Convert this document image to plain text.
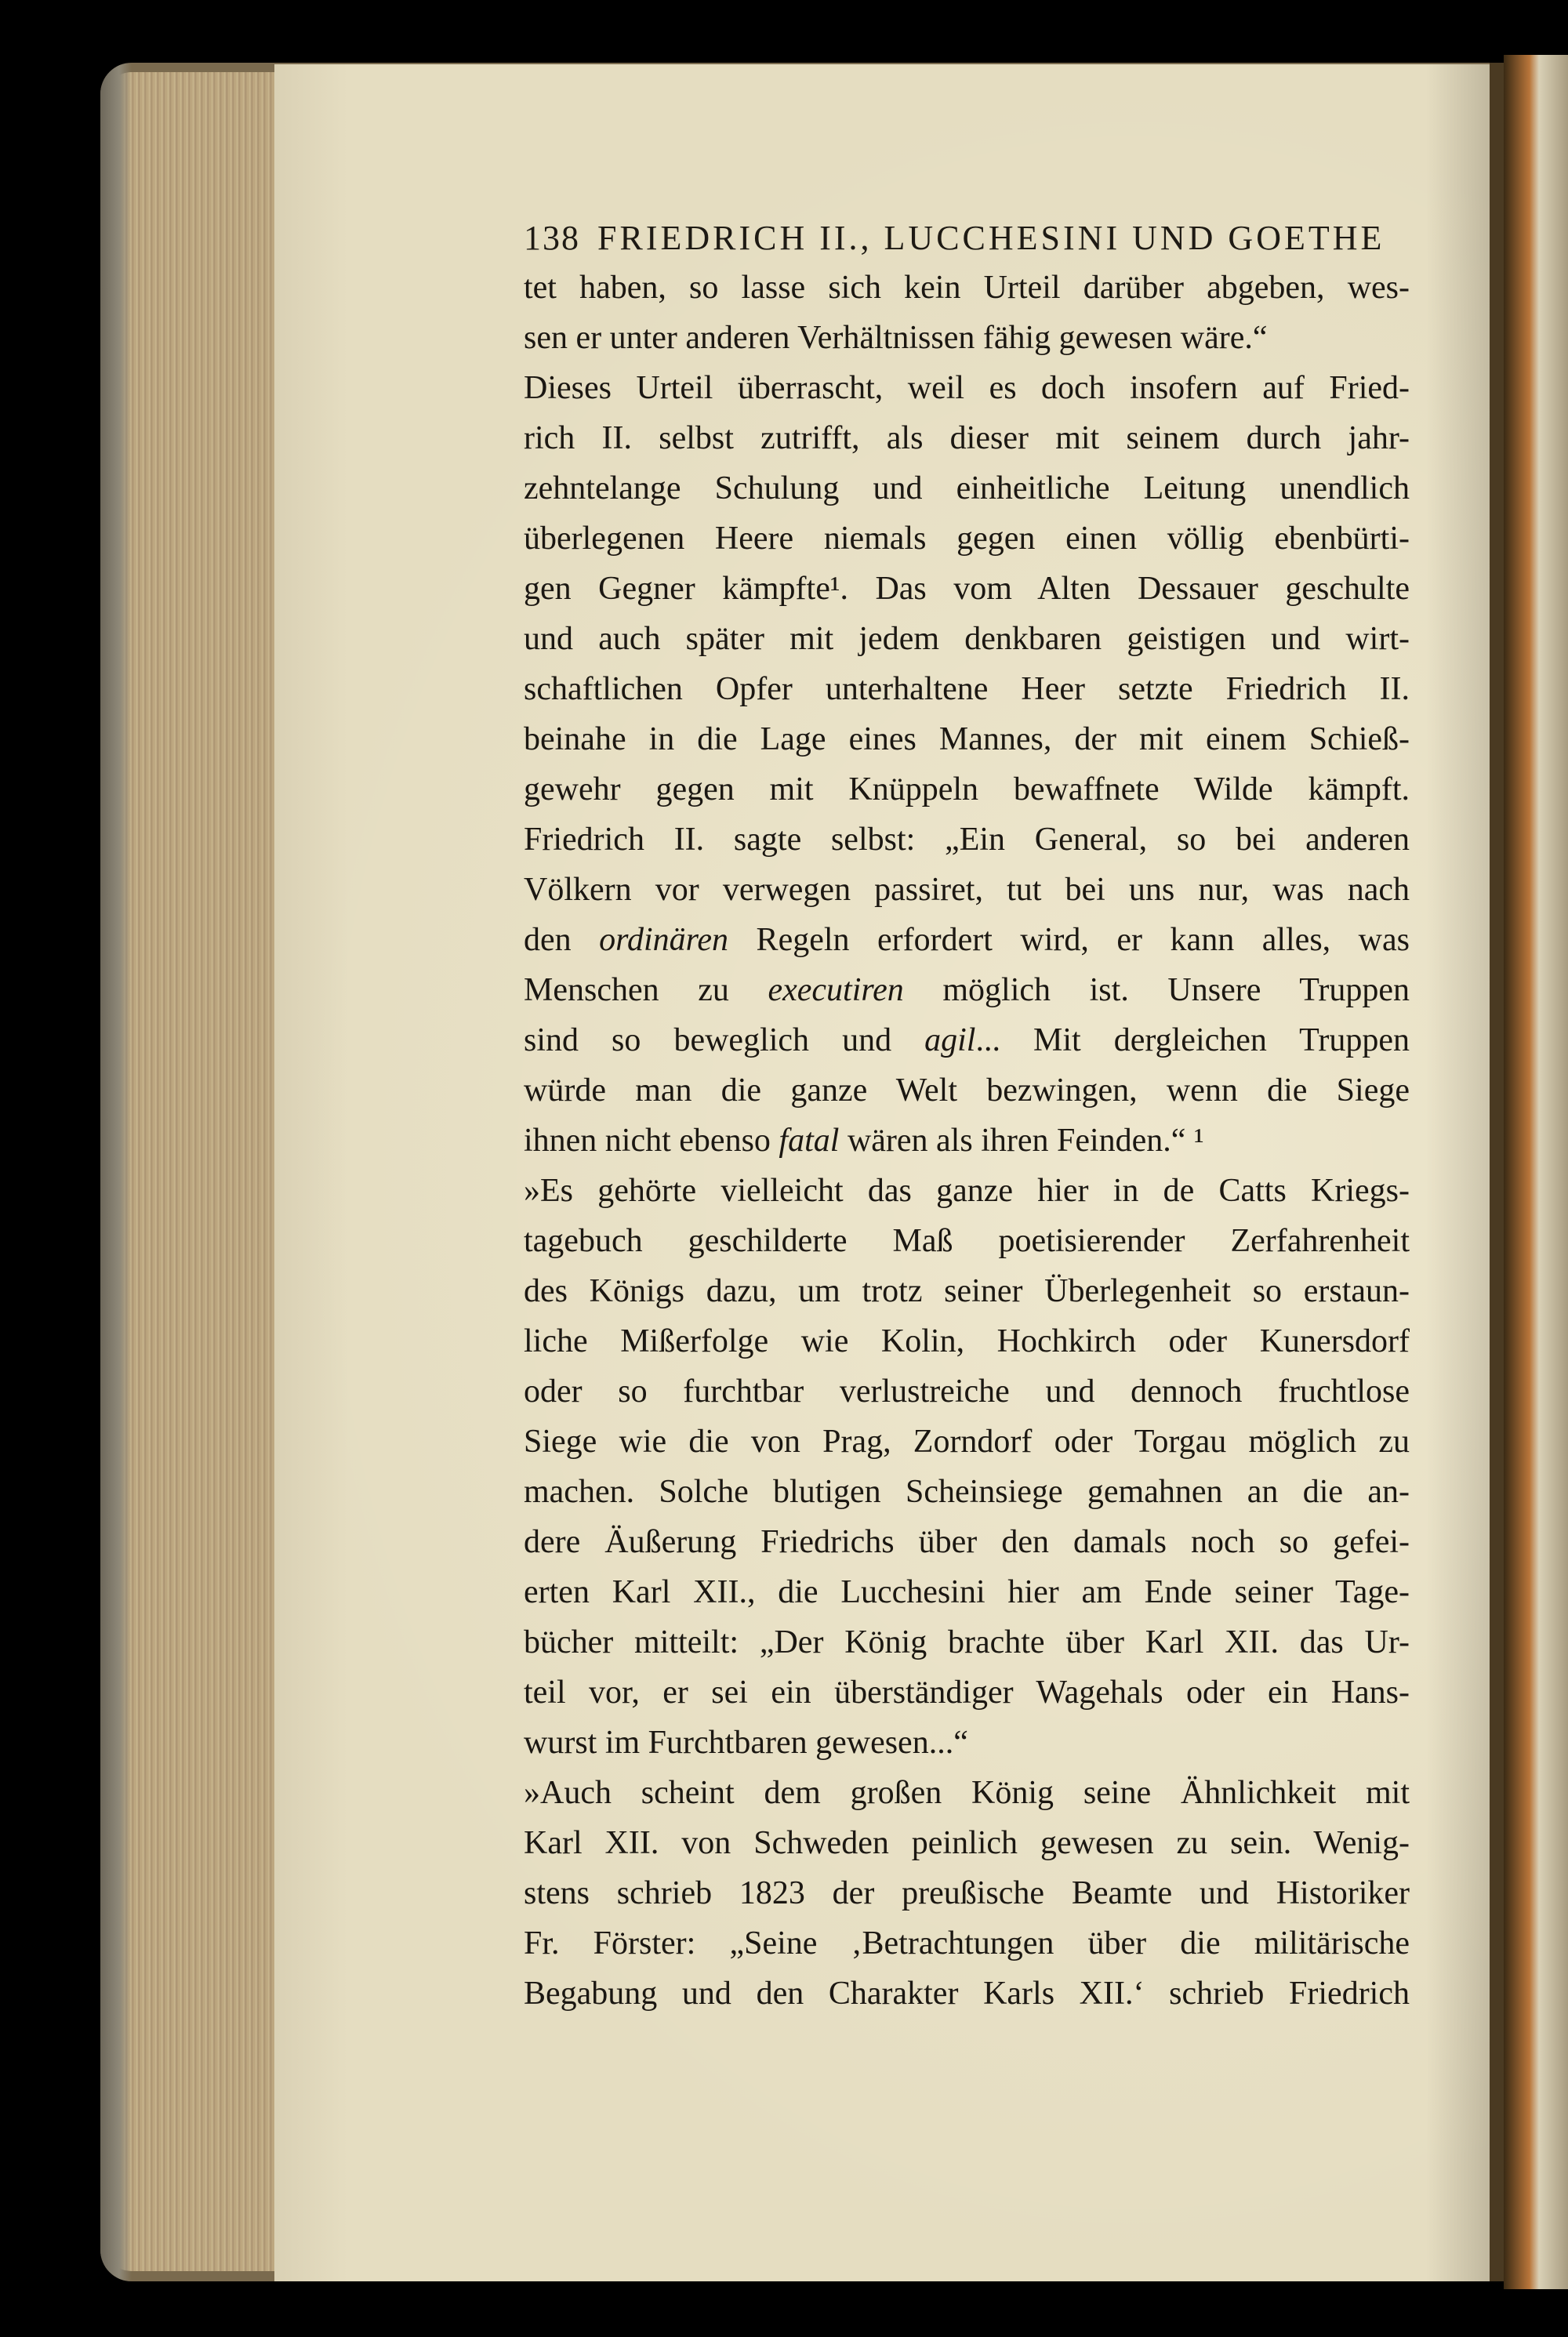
138 FRIEDRICH II., LUCCHESINI UND GOETHE
tet haben, so lasse sich kein Urteil darüber abgeben, wes-
sen er unter anderen Verhältnissen fähig gewesen wäre.“
Dieses Urteil überrascht, weil es doch insofern auf Fried-
rich II. selbst zutrifft, als dieser mit seinem durch jahr-
zehntelange Schulung und einheitliche Leitung unendlich
überlegenen Heere niemals gegen einen völlig ebenbürti-
gen Gegner kämpfte¹. Das vom Alten Dessauer geschulte
und auch später mit jedem denkbaren geistigen und wirt-
schaftlichen Opfer unterhaltene Heer setzte Friedrich II.
beinahe in die Lage eines Mannes, der mit einem Schieß-
gewehr gegen mit Knüppeln bewaffnete Wilde kämpft.
Friedrich II. sagte selbst: „Ein General, so bei anderen
Völkern vor verwegen passiret, tut bei uns nur, was nach
den ordinären Regeln erfordert wird, er kann alles, was
Menschen zu executiren möglich ist. Unsere Truppen
sind so beweglich und agil... Mit dergleichen Truppen
würde man die ganze Welt bezwingen, wenn die Siege
ihnen nicht ebenso fatal wären als ihren Feinden.“ ¹
»Es gehörte vielleicht das ganze hier in de Catts Kriegs-
tagebuch geschilderte Maß poetisierender Zerfahrenheit
des Königs dazu, um trotz seiner Überlegenheit so erstaun-
liche Mißerfolge wie Kolin, Hochkirch oder Kunersdorf
oder so furchtbar verlustreiche und dennoch fruchtlose
Siege wie die von Prag, Zorndorf oder Torgau möglich zu
machen. Solche blutigen Scheinsiege gemahnen an die an-
dere Äußerung Friedrichs über den damals noch so gefei-
erten Karl XII., die Lucchesini hier am Ende seiner Tage-
bücher mitteilt: „Der König brachte über Karl XII. das Ur-
teil vor, er sei ein überständiger Wagehals oder ein Hans-
wurst im Furchtbaren gewesen...“
»Auch scheint dem großen König seine Ähnlichkeit mit
Karl XII. von Schweden peinlich gewesen zu sein. Wenig-
stens schrieb 1823 der preußische Beamte und Historiker
Fr. Förster: „Seine ‚Betrachtungen über die militärische
Begabung und den Charakter Karls XII.‘ schrieb Friedrich
